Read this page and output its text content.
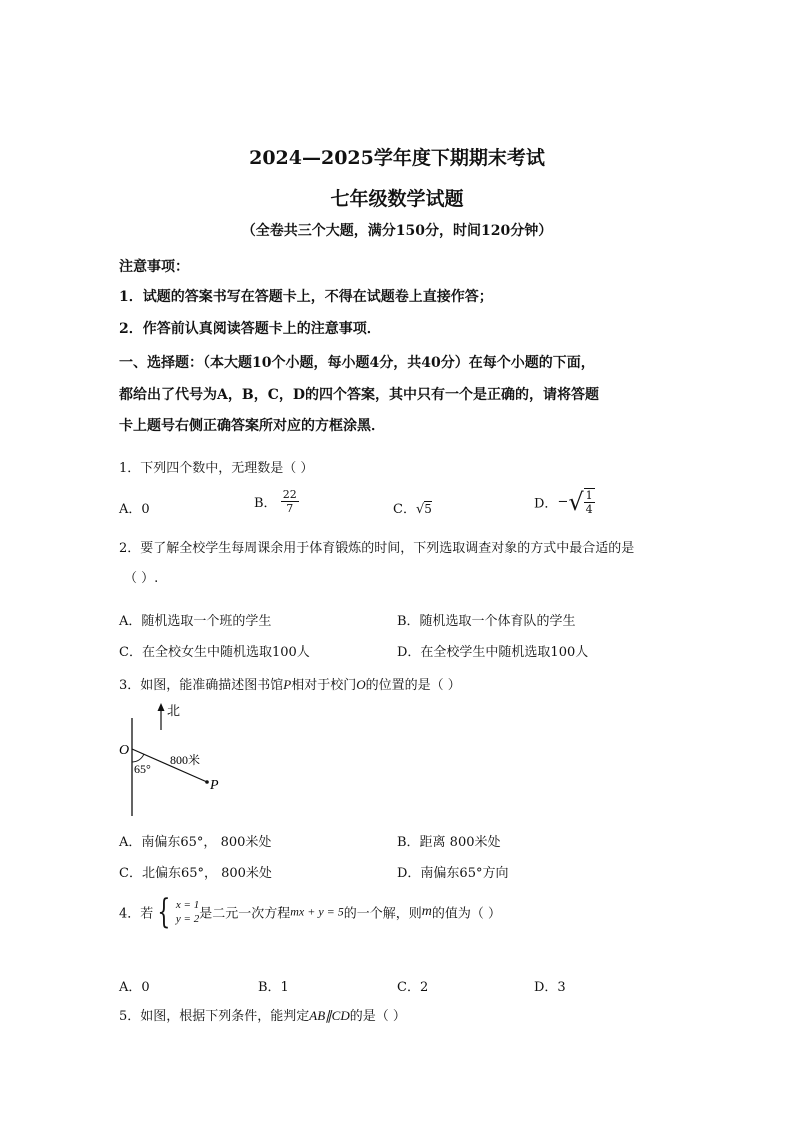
2024—2025学年度下期期末考试
七年级数学试题
（全卷共三个大题，满分150分，时间120分钟）
注意事项：
1．试题的答案书写在答题卡上，不得在试题卷上直接作答；
2．作答前认真阅读答题卡上的注意事项．
一、选择题：（本大题10个小题，每小题4分，共40分）在每个小题的下面，
都给出了代号为A，B，C，D的四个答案，其中只有一个是正确的，请将答题
卡上题号右侧正确答案所对应的方框涂黑．
1．下列四个数中，无理数是（ ）
A．0	B． $\frac{22}{7}$	C．√5	D．−√ $\frac{1}{4}$
2．要了解全校学生每周课余用于体育锻炼的时间，下列选取调查对象的方式中最合适的是
（ ）.
A．随机选取一个班的学生	B．随机选取一个体育队的学生
C．在全校女生中随机选取100人	D．在全校学生中随机选取100人
3．如图，能准确描述图书馆P相对于校门O的位置的是（ ）
北
O
65°
800米
P
A．南偏东65°， 800米处	B．距离 800米处
C．北偏东65°， 800米处	D．南偏东65°方向
4．若 { x = 1
y = 2 是二元一次方程mx + y = 5的一个解，则m的值为（ ）
A．0	B．1	C．2	D．3
5．如图，根据下列条件，能判定AB∥CD的是（ ）
